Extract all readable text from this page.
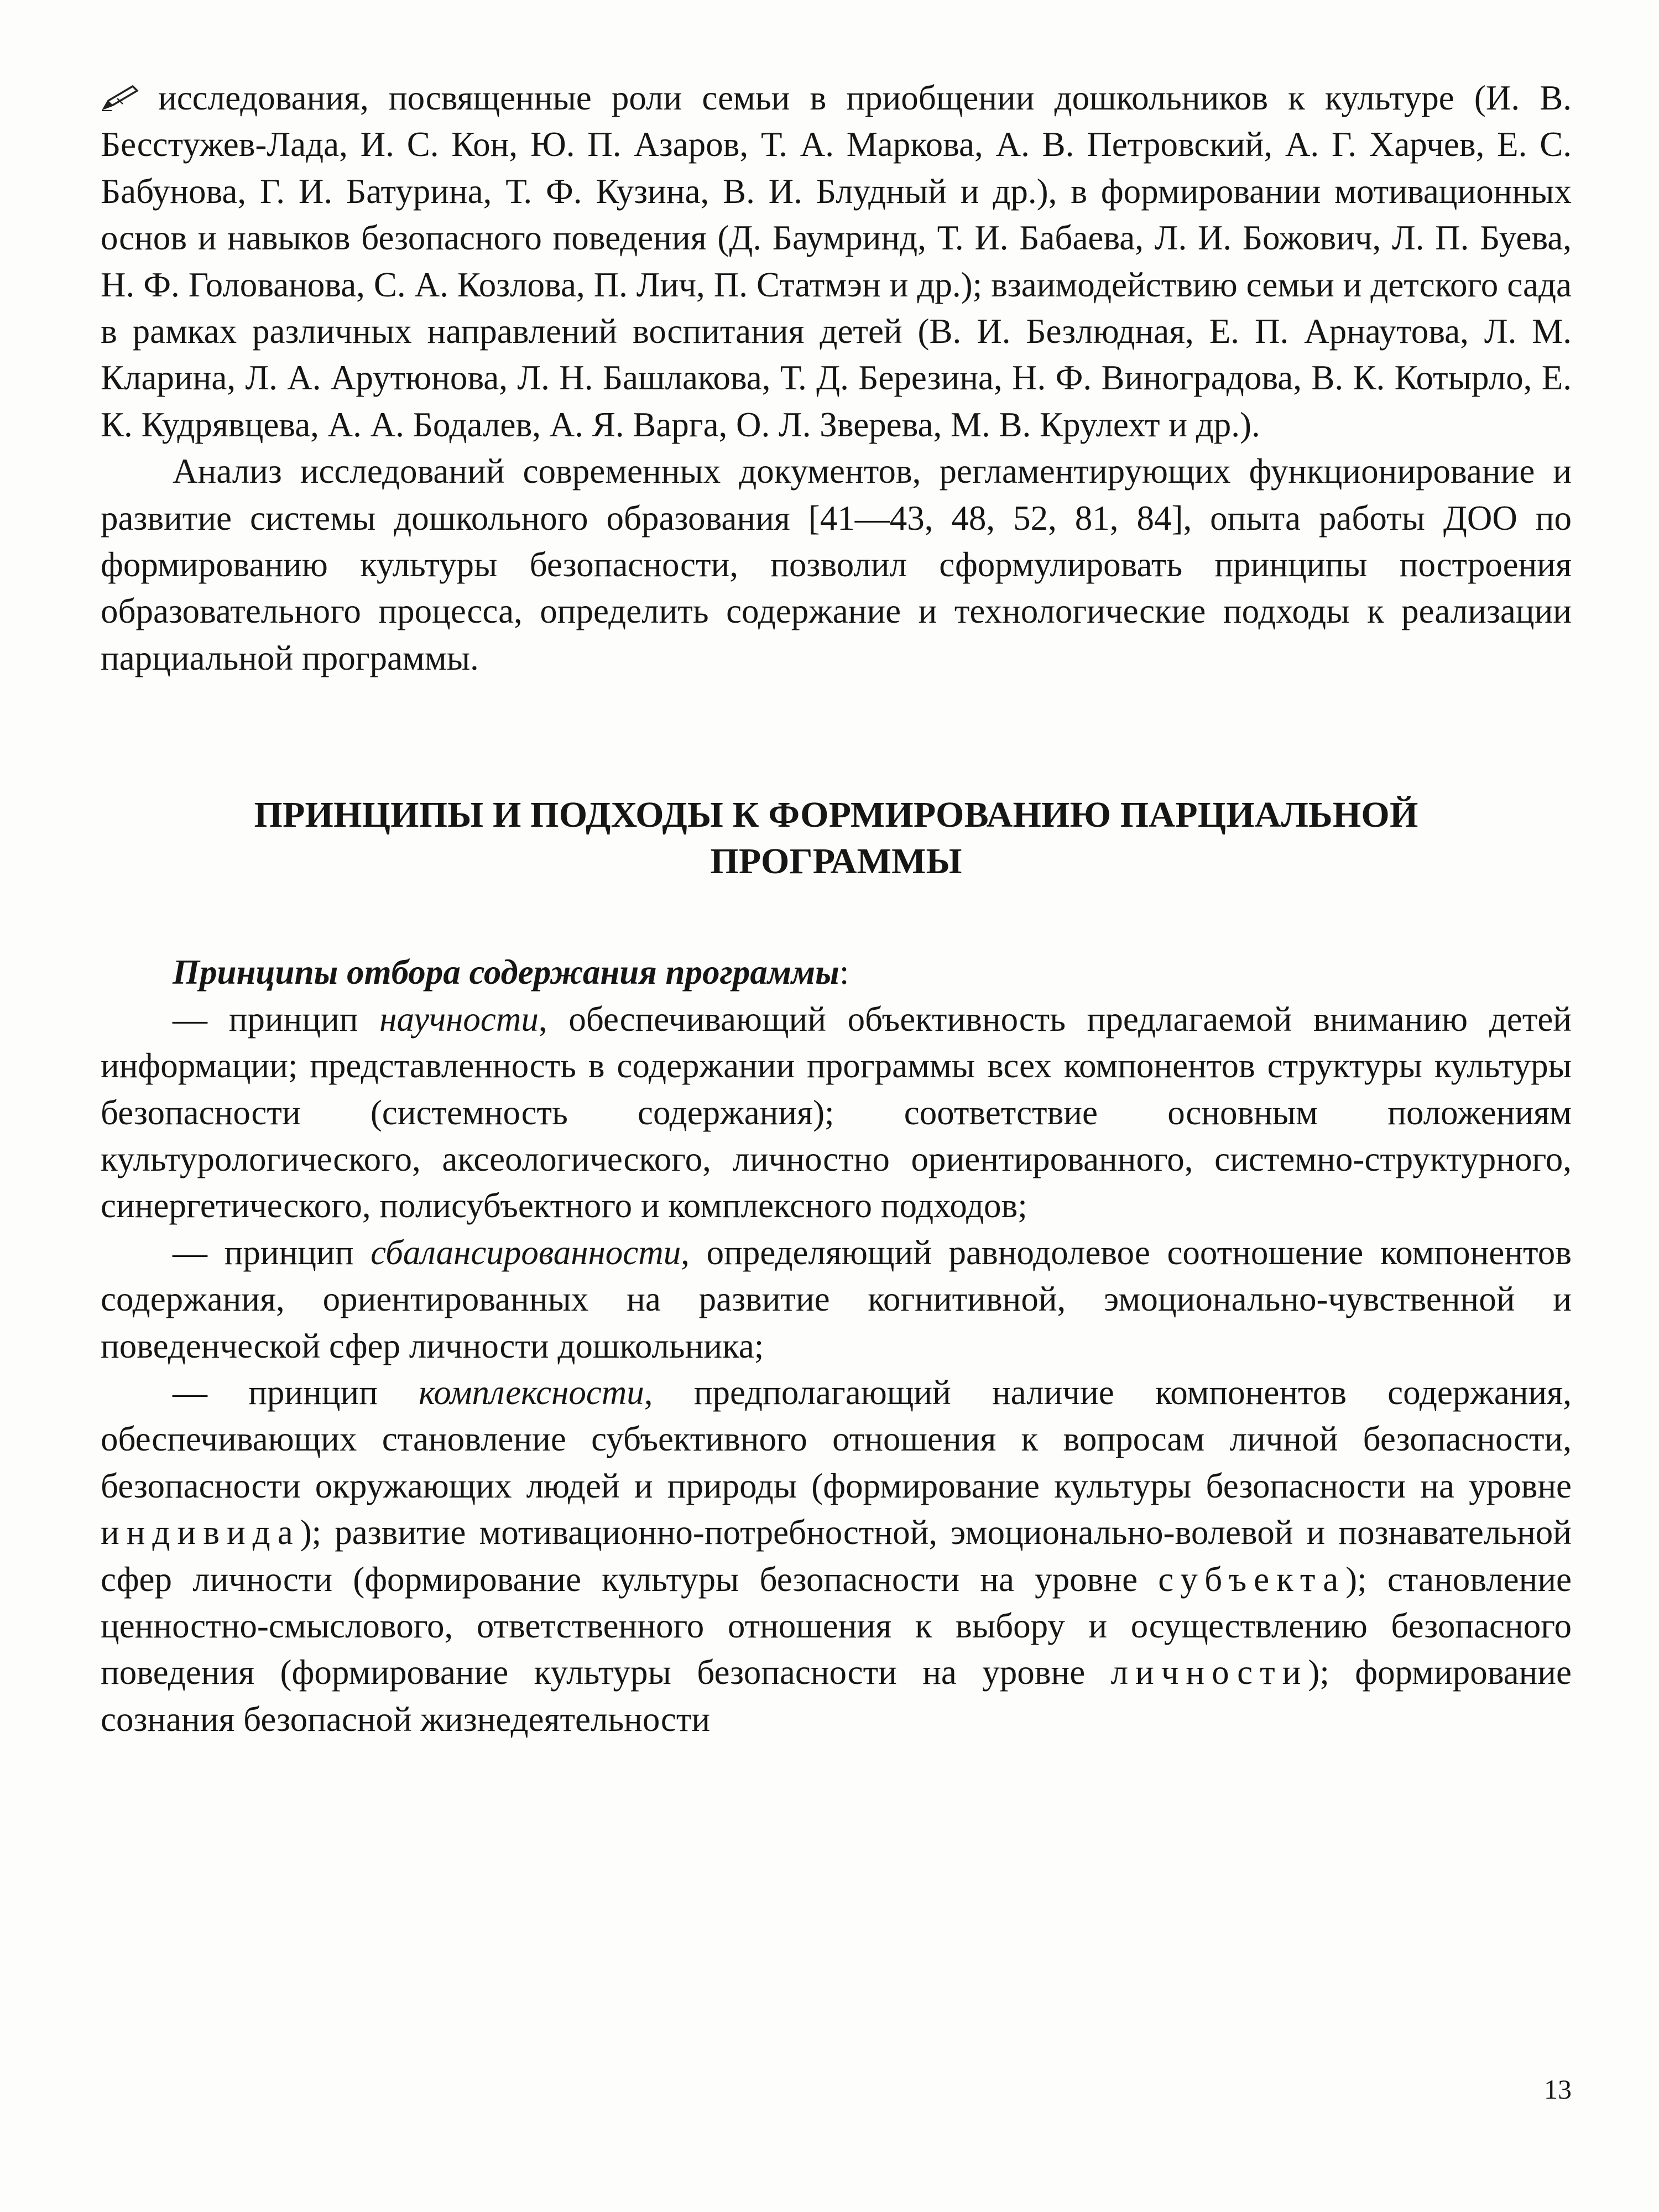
исследования, посвященные роли семьи в приобщении дошкольников к культуре (И. В. Бесстужев-Лада, И. С. Кон, Ю. П. Азаров, Т. А. Маркова, А. В. Петровский, А. Г. Харчев, Е. С. Бабунова, Г. И. Батурина, Т. Ф. Кузина, В. И. Блудный и др.), в формировании мотивационных основ и навыков безопасного поведения (Д. Баумринд, Т. И. Бабаева, Л. И. Божович, Л. П. Буева, Н. Ф. Голованова, С. А. Козлова, П. Лич, П. Статмэн и др.); взаимодействию семьи и детского сада в рамках различных направлений воспитания детей (В. И. Безлюдная, Е. П. Арнаутова, Л. М. Кларина, Л. А. Арутюнова, Л. Н. Башлакова, Т. Д. Березина, Н. Ф. Виноградова, В. К. Котырло, Е. К. Кудрявцева, А. А. Бодалев, А. Я. Варга, О. Л. Зверева, М. В. Крулехт и др.).

Анализ исследований современных документов, регламентирующих функционирование и развитие системы дошкольного образования [41—43, 48, 52, 81, 84], опыта работы ДОО по формированию культуры безопасности, позволил сформулировать принципы построения образовательного процесса, определить содержание и технологические подходы к реализации парциальной программы.

ПРИНЦИПЫ И ПОДХОДЫ К ФОРМИРОВАНИЮ ПАРЦИАЛЬНОЙ
ПРОГРАММЫ

Принципы отбора содержания программы:

— принцип научности, обеспечивающий объективность предлагаемой вниманию детей информации; представленность в содержании программы всех компонентов структуры культуры безопасности (системность содержания); соответствие основным положениям культурологического, аксеологического, личностно ориентированного, системно-структурного, синергетического, полисубъектного и комплексного подходов;

— принцип сбалансированности, определяющий равнодолевое соотношение компонентов содержания, ориентированных на развитие когнитивной, эмоционально-чувственной и поведенческой сфер личности дошкольника;

— принцип комплексности, предполагающий наличие компонентов содержания, обеспечивающих становление субъективного отношения к вопросам личной безопасности, безопасности окружающих людей и природы (формирование культуры безопасности на уровне индивида); развитие мотивационно-потребностной, эмоционально-волевой и познавательной сфер личности (формирование культуры безопасности на уровне субъекта); становление ценностно-смыслового, ответственного отношения к выбору и осуществлению безопасного поведения (формирование культуры безопасности на уровне личности); формирование сознания безопасной жизнедеятельности

13
